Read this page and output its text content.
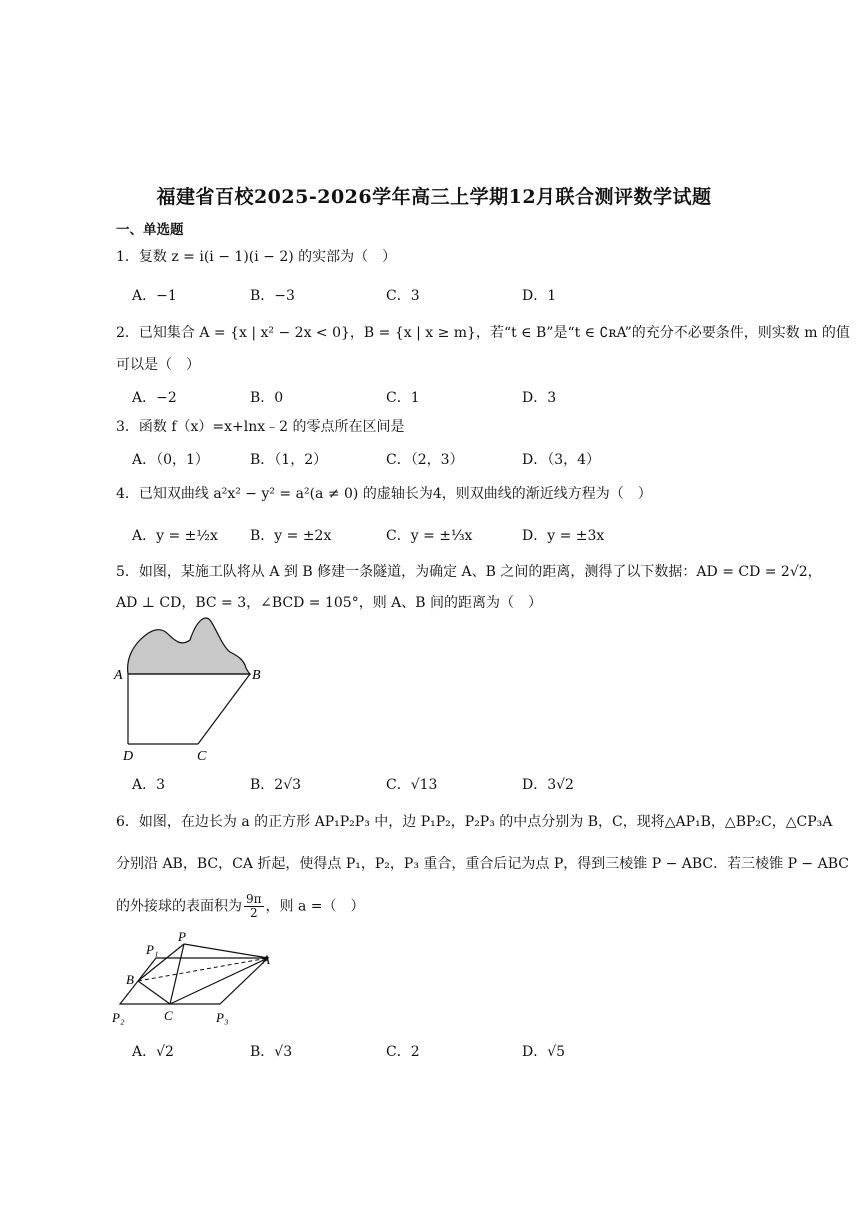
福建省百校2025-2026学年高三上学期12月联合测评数学试题
一、单选题
1．复数 z = i(i − 1)(i − 2) 的实部为（　）
A．−1	B．−3	C．3	D．1
2．已知集合 A = {x | x² − 2x < 0}，B = {x | x ≥ m}，若“t ∈ B”是“t ∈ ∁ʀA”的充分不必要条件，则实数 m 的值
可以是（　）
A．−2	B．0	C．1	D．3
3．函数 f（x）=x+lnx﹣2 的零点所在区间是
A．（0，1）	B．（1，2）	C．（2，3）	D．（3，4）
4．已知双曲线 a²x² − y² = a²(a ≠ 0) 的虚轴长为4，则双曲线的渐近线方程为（　）
A．y = ±½x B．y = ±2x	C．y = ±⅓x	D．y = ±3x
5．如图，某施工队将从 A 到 B 修建一条隧道，为确定 A、B 之间的距离，测得了以下数据：AD = CD = 2√2，
AD ⊥ CD，BC = 3，∠BCD = 105°，则 A、B 间的距离为（　）
A	B
D	C
A．3	B．2√3	C．√13	D．3√2
6．如图，在边长为 a 的正方形 AP₁P₂P₃ 中，边 P₁P₂，P₂P₃ 的中点分别为 B，C，现将△AP₁B，△BP₂C，△CP₃A
分别沿 AB，BC，CA 折起，使得点 P₁，P₂，P₃ 重合，重合后记为点 P，得到三棱锥 P − ABC．若三棱锥 P − ABC
的外接球的表面积为 $\frac{9\pi}{2}$ ，则 a =（　）
P₁
P
B
A
P₂	C	P₃
A．√2	B．√3	C．2	D．√5
